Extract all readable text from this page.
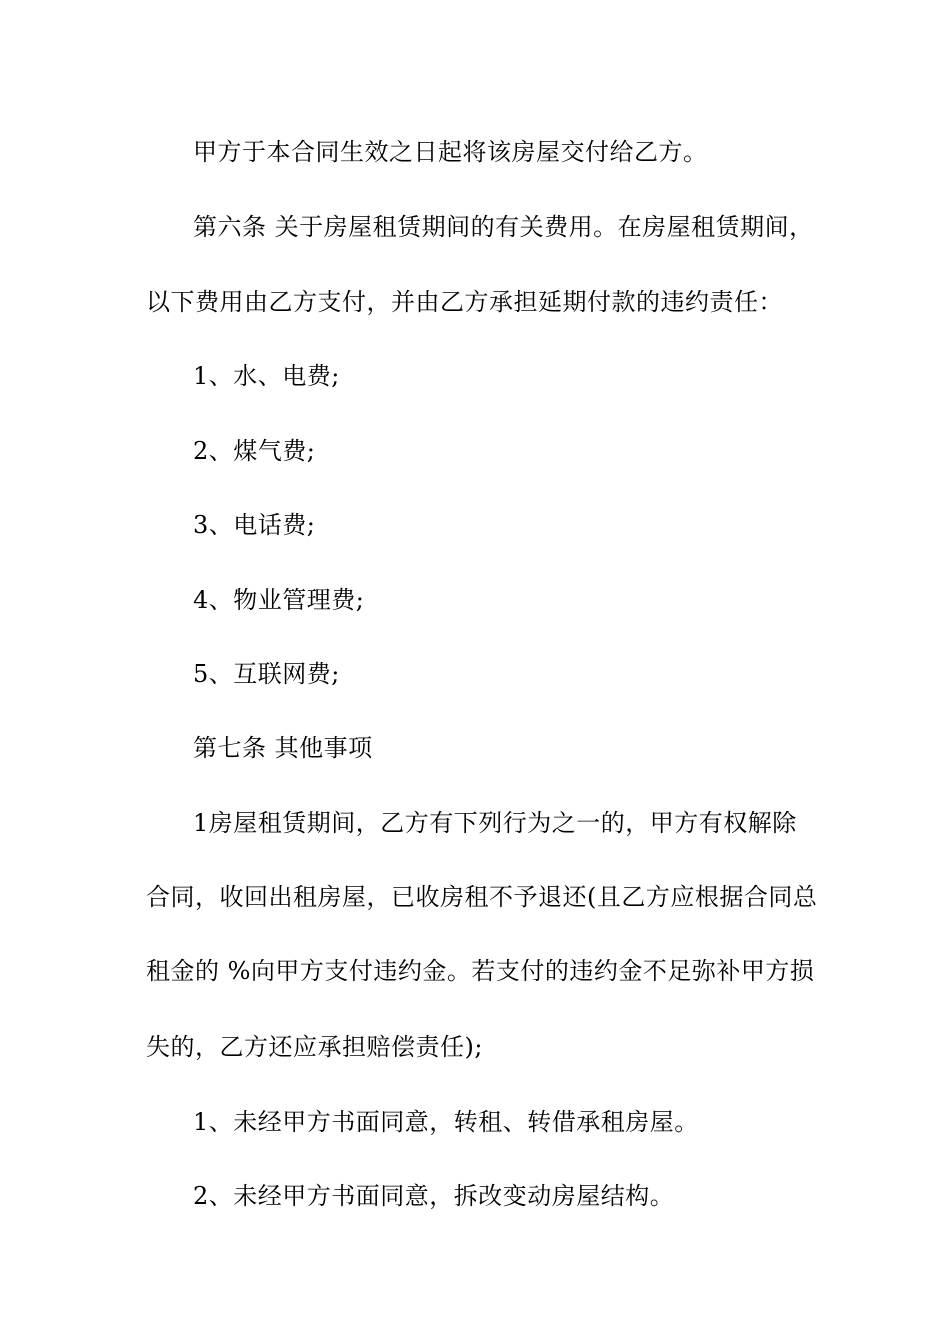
甲方于本合同生效之日起将该房屋交付给乙方。
第六条 关于房屋租赁期间的有关费用。在房屋租赁期间，
以下费用由乙方支付，并由乙方承担延期付款的违约责任：
1、水、电费;
2、煤气费;
3、电话费;
4、物业管理费;
5、互联网费;
第七条 其他事项
1房屋租赁期间，乙方有下列行为之一的，甲方有权解除
合同，收回出租房屋，已收房租不予退还(且乙方应根据合同总
租金的 %向甲方支付违约金。若支付的违约金不足弥补甲方损
失的，乙方还应承担赔偿责任);
1、未经甲方书面同意，转租、转借承租房屋。
2、未经甲方书面同意，拆改变动房屋结构。
